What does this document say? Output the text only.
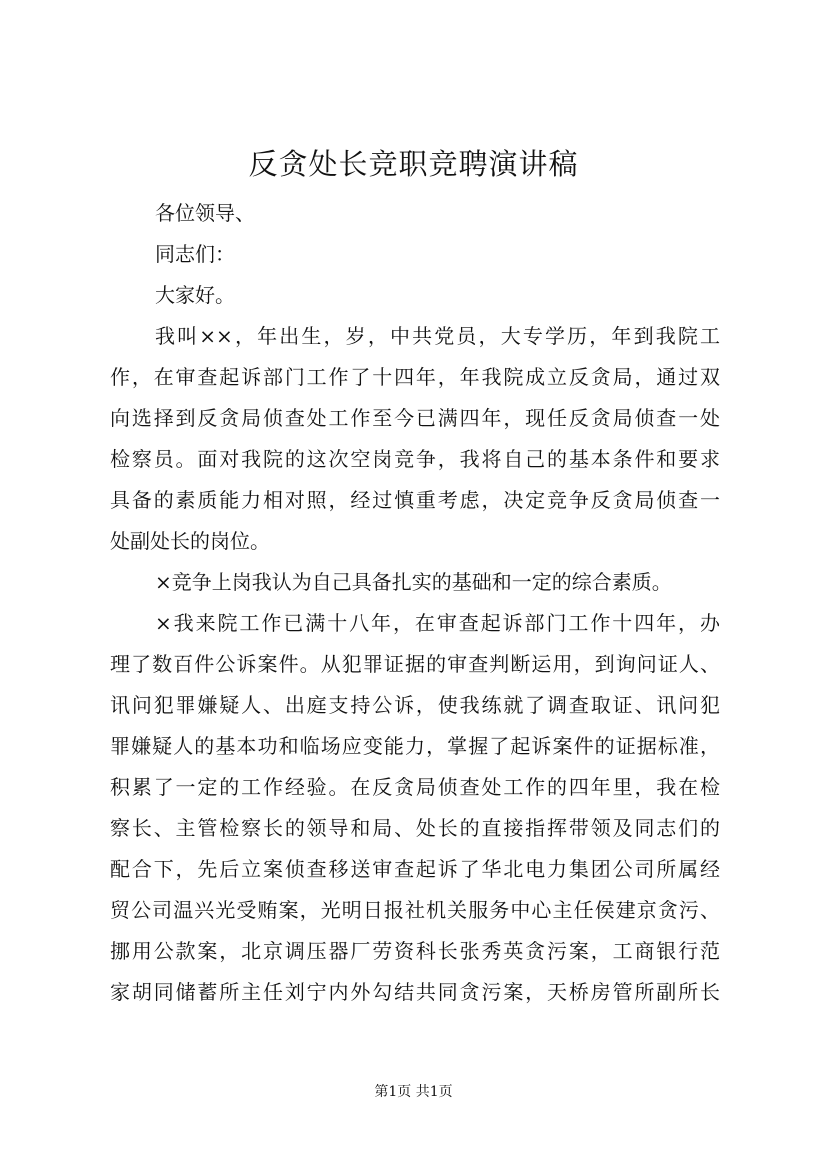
反贪处长竞职竞聘演讲稿
各位领导、
同志们：
大家好。
我叫××，年出生，岁，中共党员，大专学历，年到我院工
作，在审查起诉部门工作了十四年，年我院成立反贪局，通过双
向选择到反贪局侦查处工作至今已满四年，现任反贪局侦查一处
检察员。面对我院的这次空岗竞争，我将自己的基本条件和要求
具备的素质能力相对照，经过慎重考虑，决定竞争反贪局侦查一
处副处长的岗位。
×竞争上岗我认为自己具备扎实的基础和一定的综合素质。
×我来院工作已满十八年，在审查起诉部门工作十四年，办
理了数百件公诉案件。从犯罪证据的审查判断运用，到询问证人、
讯问犯罪嫌疑人、出庭支持公诉，使我练就了调查取证、讯问犯
罪嫌疑人的基本功和临场应变能力，掌握了起诉案件的证据标准，
积累了一定的工作经验。在反贪局侦查处工作的四年里，我在检
察长、主管检察长的领导和局、处长的直接指挥带领及同志们的
配合下，先后立案侦查移送审查起诉了华北电力集团公司所属经
贸公司温兴光受贿案，光明日报社机关服务中心主任侯建京贪污、
挪用公款案，北京调压器厂劳资科长张秀英贪污案，工商银行范
家胡同储蓄所主任刘宁内外勾结共同贪污案，天桥房管所副所长
第1页 共1页
